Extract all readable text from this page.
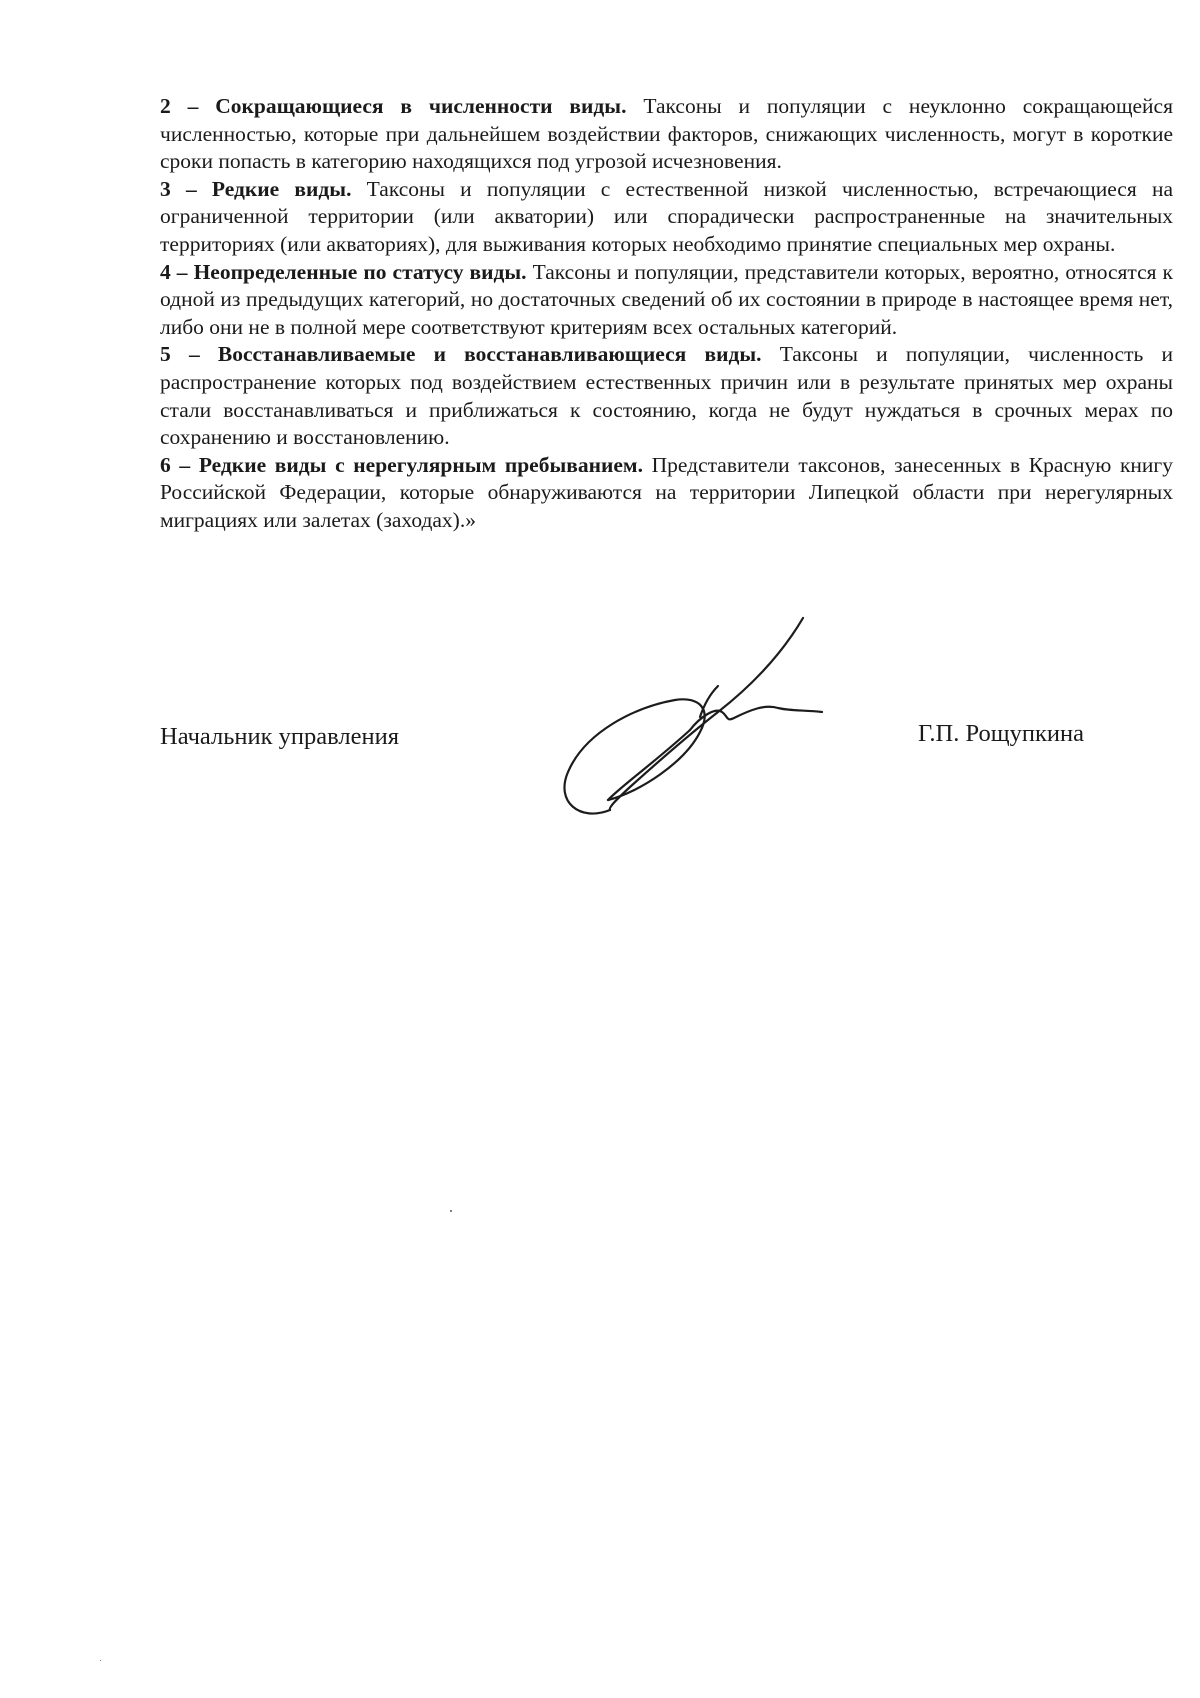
2 – Сокращающиеся в численности виды. Таксоны и популяции с неуклонно сокращающейся численностью, которые при дальнейшем воздействии факторов, снижающих численность, могут в короткие сроки попасть в категорию находящихся под угрозой исчезновения.

3 – Редкие виды. Таксоны и популяции с естественной низкой численностью, встречающиеся на ограниченной территории (или акватории) или спорадически распространенные на значительных территориях (или акваториях), для выживания которых необходимо принятие специальных мер охраны.

4 – Неопределенные по статусу виды. Таксоны и популяции, представители которых, вероятно, относятся к одной из предыдущих категорий, но достаточных сведений об их состоянии в природе в настоящее время нет, либо они не в полной мере соответствуют критериям всех остальных категорий.

5 – Восстанавливаемые и восстанавливающиеся виды. Таксоны и популяции, численность и распространение которых под воздействием естественных причин или в результате принятых мер охраны стали восстанавливаться и приближаться к состоянию, когда не будут нуждаться в срочных мерах по сохранению и восстановлению.

6 – Редкие виды с нерегулярным пребыванием. Представители таксонов, занесенных в Красную книгу Российской Федерации, которые обнаруживаются на территории Липецкой области при нерегулярных миграциях или залетах (заходах).»

Начальник управления	Г.П. Рощупкина
